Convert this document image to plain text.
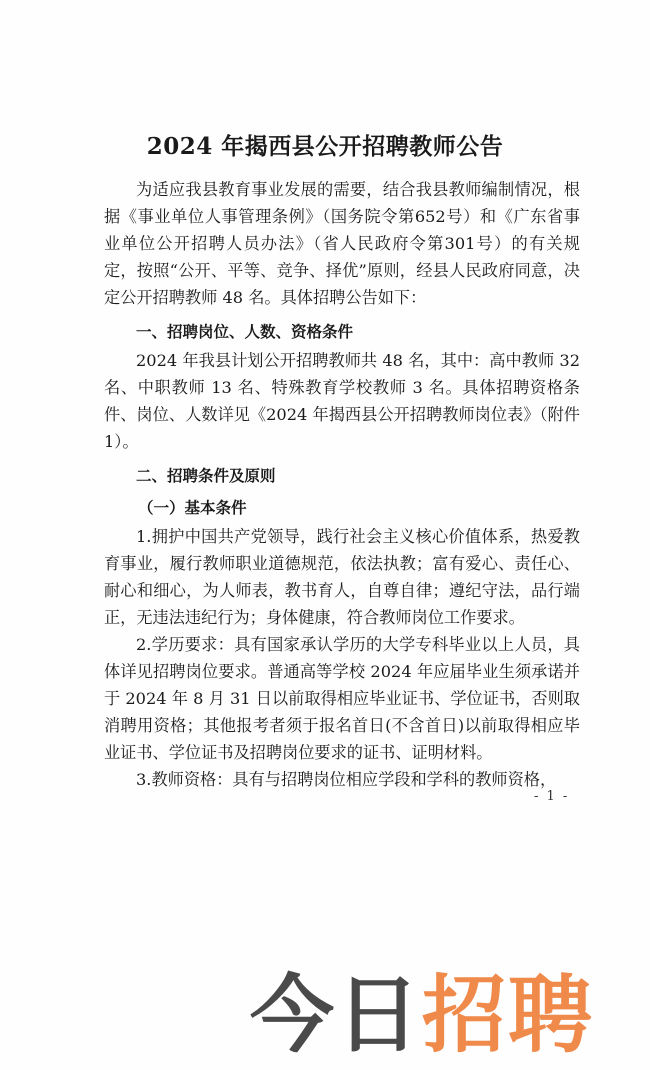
2024 年揭西县公开招聘教师公告

为适应我县教育事业发展的需要，结合我县教师编制情况，根据《事业单位人事管理条例》（国务院令第652号）和《广东省事业单位公开招聘人员办法》（省人民政府令第301号）的有关规定，按照“公开、平等、竞争、择优”原则，经县人民政府同意，决定公开招聘教师 48 名。具体招聘公告如下：

一、招聘岗位、人数、资格条件

2024 年我县计划公开招聘教师共 48 名，其中：高中教师 32 名、中职教师 13 名、特殊教育学校教师 3 名。具体招聘资格条件、岗位、人数详见《2024 年揭西县公开招聘教师岗位表》（附件 1）。

二、招聘条件及原则
（一）基本条件

1.拥护中国共产党领导，践行社会主义核心价值体系，热爱教育事业，履行教师职业道德规范，依法执教；富有爱心、责任心、耐心和细心，为人师表，教书育人，自尊自律；遵纪守法，品行端正，无违法违纪行为；身体健康，符合教师岗位工作要求。

2.学历要求：具有国家承认学历的大学专科毕业以上人员，具体详见招聘岗位要求。普通高等学校 2024 年应届毕业生须承诺并于 2024 年 8 月 31 日以前取得相应毕业证书、学位证书，否则取消聘用资格；其他报考者须于报名首日(不含首日)以前取得相应毕业证书、学位证书及招聘岗位要求的证书、证明材料。

3.教师资格：具有与招聘岗位相应学段和学科的教师资格，

- 1 -
今日 招聘
